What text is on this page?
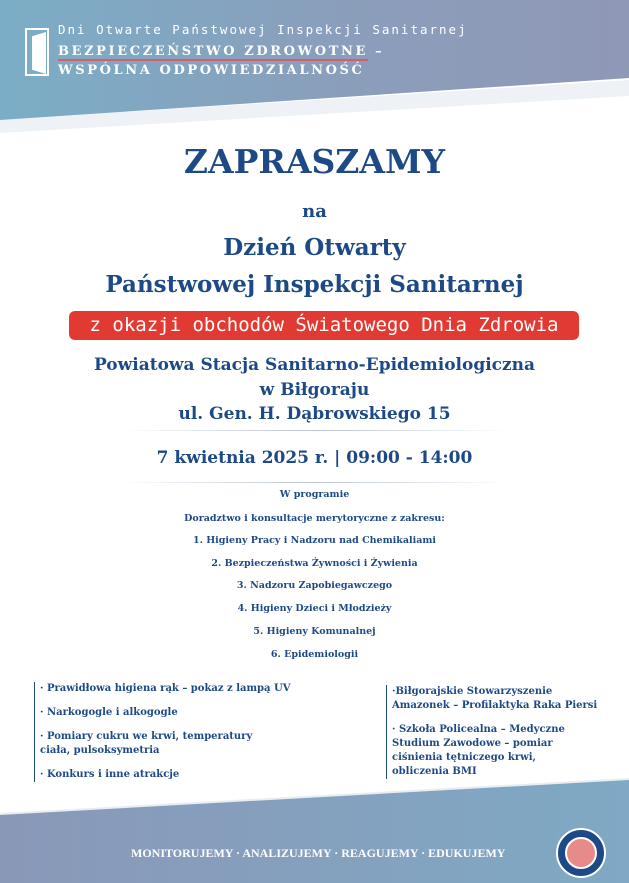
Dni Otwarte Państwowej Inspekcji Sanitarnej
BEZPIECZEŃSTWO ZDROWOTNE –
WSPÓLNA ODPOWIEDZIALNOŚĆ
ZAPRASZAMY
na
Dzień Otwarty
Państwowej Inspekcji Sanitarnej
z okazji obchodów Światowego Dnia Zdrowia
Powiatowa Stacja Sanitarno-Epidemiologiczna
w Biłgoraju
ul. Gen. H. Dąbrowskiego 15
7 kwietnia 2025 r. | 09:00 - 14:00
W programie
Doradztwo i konsultacje merytoryczne z zakresu:
1. Higieny Pracy i Nadzoru nad Chemikaliami
2. Bezpieczeństwa Żywności i Żywienia
3. Nadzoru Zapobiegawczego
4. Higieny Dzieci i Młodzieży
5. Higieny Komunalnej
6. Epidemiologii
· Prawidłowa higiena rąk – pokaz z lampą UV
· Narkogogle i alkogogle
· Pomiary cukru we krwi, temperatury ciała, pulsoksymetria
· Konkurs i inne atrakcje
·Biłgorajskie Stowarzyszenie Amazonek – Profilaktyka Raka Piersi
· Szkoła Policealna – Medyczne Studium Zawodowe – pomiar ciśnienia tętniczego krwi, obliczenia BMI
MONITORUJEMY · ANALIZUJEMY · REAGUJEMY · EDUKUJEMY
